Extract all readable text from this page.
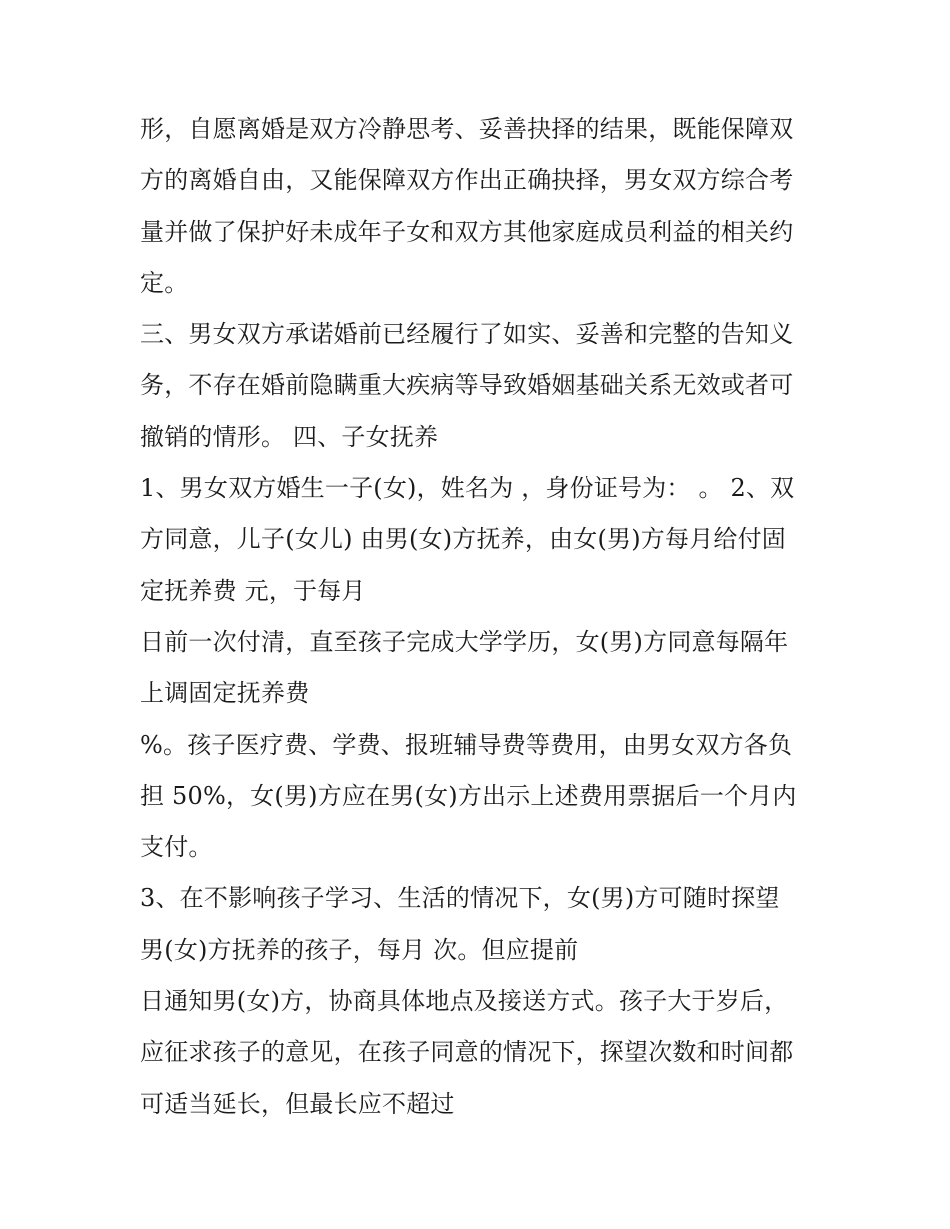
形，自愿离婚是双方冷静思考、妥善抉择的结果，既能保障双
方的离婚自由，又能保障双方作出正确抉择，男女双方综合考
量并做了保护好未成年子女和双方其他家庭成员利益的相关约
定。
三、男女双方承诺婚前已经履行了如实、妥善和完整的告知义
务，不存在婚前隐瞒重大疾病等导致婚姻基础关系无效或者可
撤销的情形。 四、子女抚养
1、男女双方婚生一子(女)，姓名为 ，身份证号为： 。 2、双
方同意，儿子(女儿) 由男(女)方抚养，由女(男)方每月给付固
定抚养费 元，于每月
日前一次付清，直至孩子完成大学学历，女(男)方同意每隔年
上调固定抚养费
%。孩子医疗费、学费、报班辅导费等费用，由男女双方各负
担 50%，女(男)方应在男(女)方出示上述费用票据后一个月内
支付。
3、在不影响孩子学习、生活的情况下，女(男)方可随时探望
男(女)方抚养的孩子，每月 次。但应提前
日通知男(女)方，协商具体地点及接送方式。孩子大于岁后，
应征求孩子的意见，在孩子同意的情况下，探望次数和时间都
可适当延长，但最长应不超过
